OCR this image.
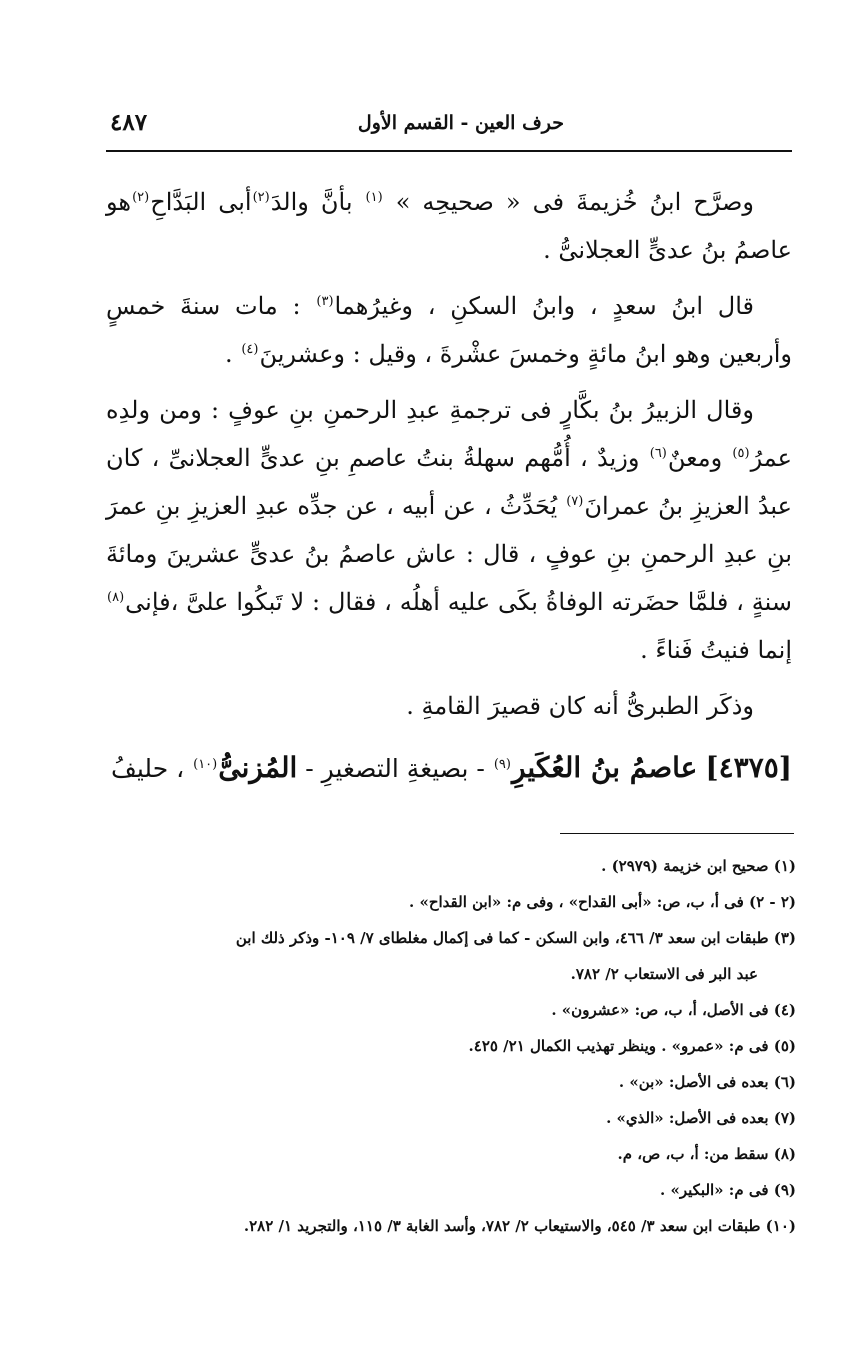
حرف العين - القسم الأول
٤٨٧

وصرَّح ابنُ خُزيمةَ فى « صحيحِه » $^{(١)}$ بأنَّ والدَ$^{(٢)}$أبى البَدَّاحِ$^{(٢)}$هو عاصمُ بنُ عدىٍّ العجلانىُّ .

قال ابنُ سعدٍ ، وابنُ السكنِ ، وغيرُهما$^{(٣)}$ : مات سنةَ خمسٍ وأربعين وهو ابنُ مائةٍ وخمسَ عشْرةَ ، وقيل : وعشرينَ$^{(٤)}$ .

وقال الزبيرُ بنُ بكَّارٍ فى ترجمةِ عبدِ الرحمنِ بنِ عوفٍ : ومن ولدِه عمرُ$^{(٥)}$ ومعنٌ$^{(٦)}$ وزيدٌ ، أُمُّهم سهلةُ بنتُ عاصمِ بنِ عدىٍّ العجلانىِّ ، كان عبدُ العزيزِ بنُ عمرانَ$^{(٧)}$ يُحَدِّثُ ، عن أبيه ، عن جدِّه عبدِ العزيزِ بنِ عمرَ بنِ عبدِ الرحمنِ بنِ عوفٍ ، قال : عاش عاصمُ بنُ عدىٍّ عشرينَ ومائةَ سنةٍ ، فلمَّا حضَرته الوفاةُ بكَى عليه أهلُه ، فقال : لا تَبكُوا علىَّ ،فإنى$^{(٨)}$ إنما فنيتُ فَناءً .

وذكَر الطبرىُّ أنه كان قصيرَ القامةِ .

[٤٣٧٥] عاصمُ بنُ العُكَيرِ$^{(٩)}$ - بصيغةِ التصغيرِ - المُزنىُّ$^{(١٠)}$ ، حليفُ

(١) صحيح ابن خزيمة (٢٩٧٩) .
(٢ - ٢) فى أ، ب، ص: «أبى القداح» ، وفى م: «ابن القداح» .
(٣) طبقات ابن سعد ٣/ ٤٦٦، وابن السكن - كما فى إكمال مغلطاى ٧/ ١٠٩- وذكر ذلك ابن
عبد البر فى الاستعاب ٢/ ٧٨٢.
(٤) فى الأصل، أ، ب، ص: «عشرون» .
(٥) فى م: «عمرو» . وينظر تهذيب الكمال ٢١/ ٤٢٥.
(٦) بعده فى الأصل: «بن» .
(٧) بعده فى الأصل: «الذي» .
(٨) سقط من: أ، ب، ص، م.
(٩) فى م: «البكير» .
(١٠) طبقات ابن سعد ٣/ ٥٤٥، والاستيعاب ٢/ ٧٨٢، وأسد الغابة ٣/ ١١٥، والتجريد ١/ ٢٨٢.
